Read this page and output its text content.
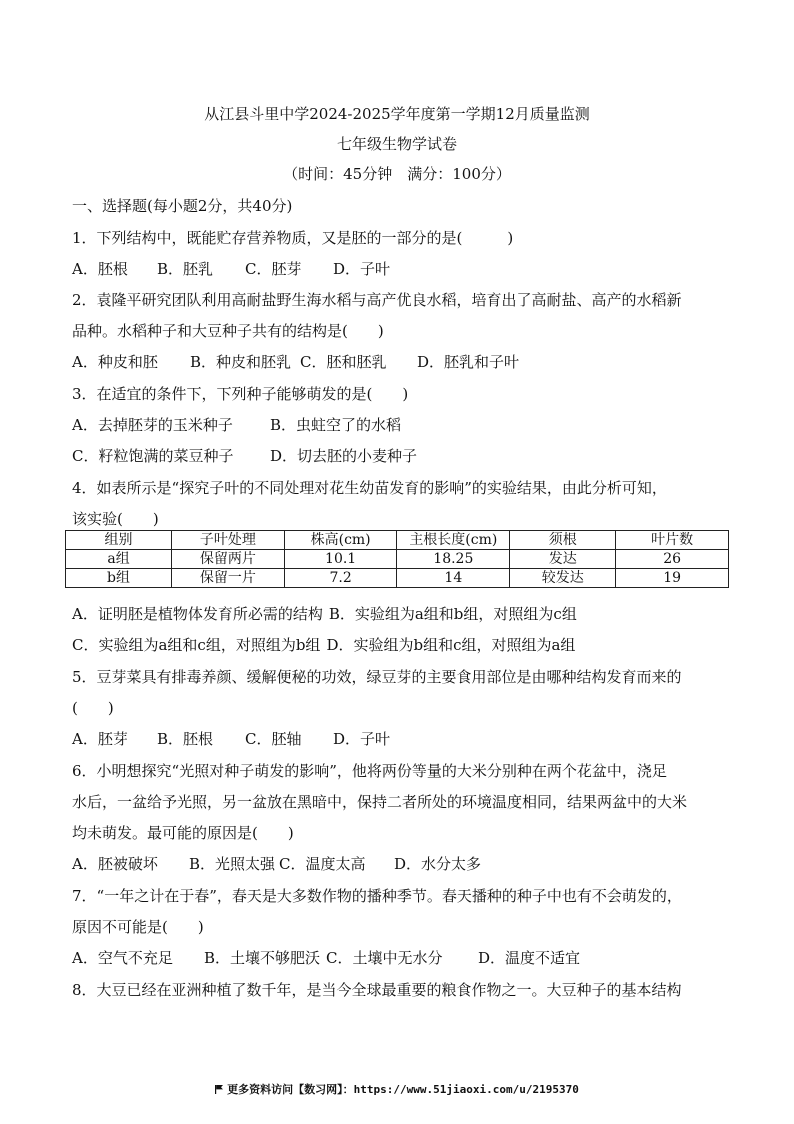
从江县斗里中学2024-2025学年度第一学期12月质量监测
七年级生物学试卷
（时间：45分钟　满分：100分）
一、选择题(每小题2分，共40分)
1．下列结构中，既能贮存营养物质，又是胚的一部分的是(　　　)
A．胚根 B．胚乳 C．胚芽 D．子叶
2．袁隆平研究团队利用高耐盐野生海水稻与高产优良水稻，培育出了高耐盐、高产的水稻新
品种。水稻种子和大豆种子共有的结构是(　　)
A．种皮和胚 B．种皮和胚乳 C．胚和胚乳 D．胚乳和子叶
3．在适宜的条件下，下列种子能够萌发的是(　　)
A．去掉胚芽的玉米种子 B．虫蛀空了的水稻
C．籽粒饱满的菜豆种子 D．切去胚的小麦种子
4．如表所示是“探究子叶的不同处理对花生幼苗发育的影响”的实验结果，由此分析可知，
该实验(　　)
组别	子叶处理	株高(cm)	主根长度(cm)	须根	叶片数
a组	保留两片	10.1	18.25	发达	26
b组	保留一片	7.2	14	较发达	19
A．证明胚是植物体发育所必需的结构 B．实验组为a组和b组，对照组为c组
C．实验组为a组和c组，对照组为b组 D．实验组为b组和c组，对照组为a组
5．豆芽菜具有排毒养颜、缓解便秘的功效，绿豆芽的主要食用部位是由哪种结构发育而来的
(　　)
A．胚芽 B．胚根 C．胚轴 D．子叶
6．小明想探究“光照对种子萌发的影响”，他将两份等量的大米分别种在两个花盆中，浇足
水后，一盆给予光照，另一盆放在黑暗中，保持二者所处的环境温度相同，结果两盆中的大米
均未萌发。最可能的原因是(　　)
A．胚被破坏 B．光照太强 C．温度太高 D．水分太多
7．“一年之计在于春”，春天是大多数作物的播种季节。春天播种的种子中也有不会萌发的，
原因不可能是(　　)
A．空气不充足 B．土壤不够肥沃 C．土壤中无水分 D．温度不适宜
8．大豆已经在亚洲种植了数千年，是当今全球最重要的粮食作物之一。大豆种子的基本结构
更多资料访问【数习网】：https://www.51jiaoxi.com/u/2195370
